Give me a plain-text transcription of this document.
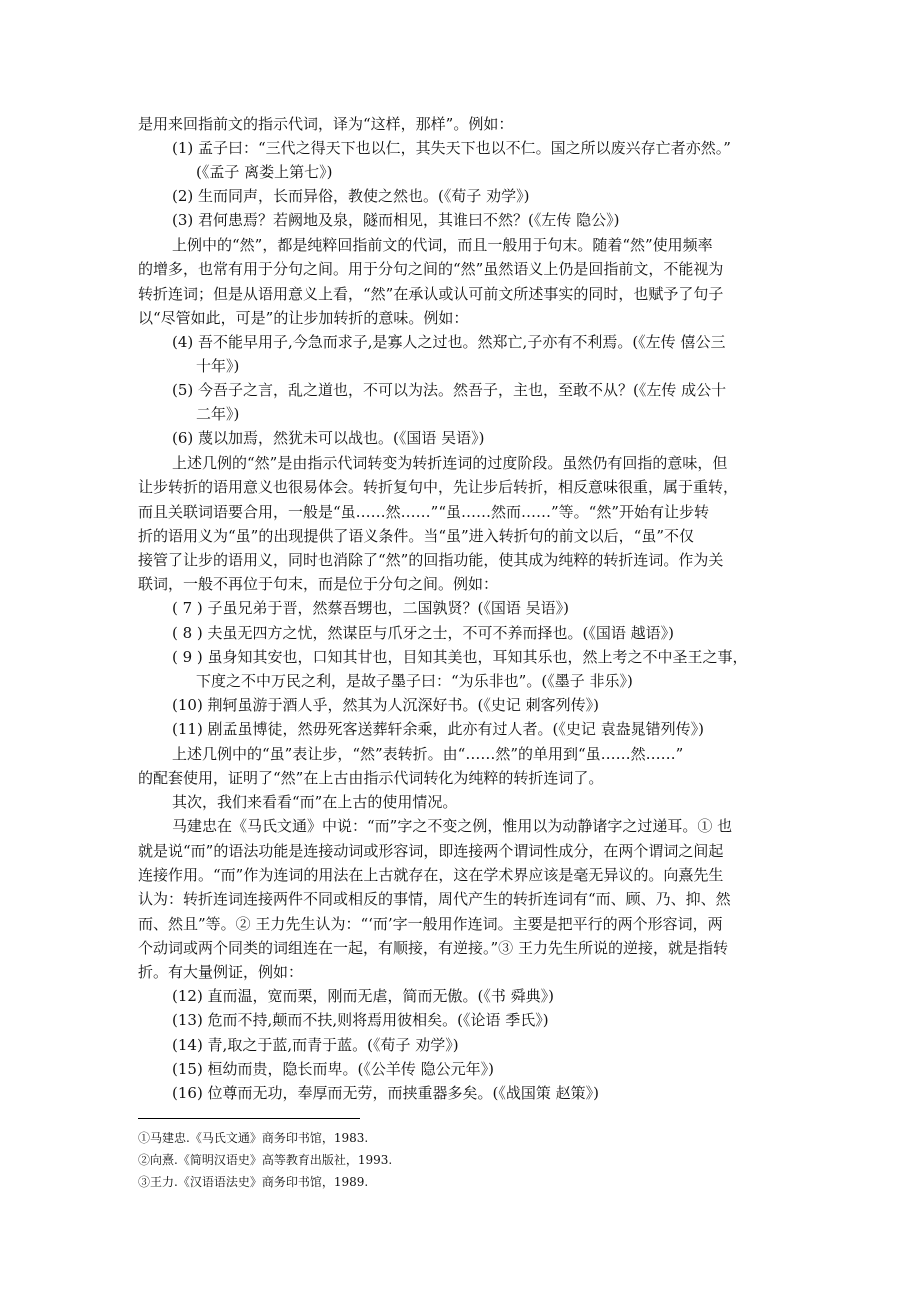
是用来回指前文的指示代词，译为“这样，那样”。例如：
(1) 孟子曰：“三代之得天下也以仁，其失天下也以不仁。国之所以废兴存亡者亦然。”
(《孟子 离娄上第七》)
(2) 生而同声，长而异俗，教使之然也。(《荀子 劝学》)
(3) 君何患焉？若阙地及泉，隧而相见，其谁曰不然？(《左传 隐公》)
上例中的“然”，都是纯粹回指前文的代词，而且一般用于句末。随着“然”使用频率
的增多，也常有用于分句之间。用于分句之间的“然”虽然语义上仍是回指前文，不能视为
转折连词；但是从语用意义上看，“然”在承认或认可前文所述事实的同时，也赋予了句子
以“尽管如此，可是”的让步加转折的意味。例如：
(4) 吾不能早用子,今急而求子,是寡人之过也。然郑亡,子亦有不利焉。(《左传 僖公三
十年》)
(5) 今吾子之言，乱之道也，不可以为法。然吾子，主也，至敢不从？(《左传 成公十
二年》)
(6) 蔑以加焉，然犹未可以战也。(《国语 吴语》)
上述几例的“然”是由指示代词转变为转折连词的过度阶段。虽然仍有回指的意味，但
让步转折的语用意义也很易体会。转折复句中，先让步后转折，相反意味很重，属于重转，
而且关联词语要合用，一般是“虽……然……”“虽……然而……”等。“然”开始有让步转
折的语用义为“虽”的出现提供了语义条件。当“虽”进入转折句的前文以后，“虽”不仅
接管了让步的语用义，同时也消除了“然”的回指功能，使其成为纯粹的转折连词。作为关
联词，一般不再位于句末，而是位于分句之间。例如：
( 7 ) 子虽兄弟于晋，然蔡吾甥也，二国孰贤？(《国语 吴语》)
( 8 ) 夫虽无四方之忧，然谋臣与爪牙之士，不可不养而择也。(《国语 越语》)
( 9 ) 虽身知其安也，口知其甘也，目知其美也，耳知其乐也，然上考之不中圣王之事，
下度之不中万民之利，是故子墨子曰：“为乐非也”。(《墨子 非乐》)
(10) 荆轲虽游于酒人乎，然其为人沉深好书。(《史记 刺客列传》)
(11) 剧孟虽博徒，然毋死客送葬轩余乘，此亦有过人者。(《史记 袁盎晁错列传》)
上述几例中的“虽”表让步，“然”表转折。由“……然”的单用到“虽……然……”
的配套使用，证明了“然”在上古由指示代词转化为纯粹的转折连词了。
其次，我们来看看“而”在上古的使用情况。
马建忠在《马氏文通》中说：“而”字之不变之例，惟用以为动静诸字之过递耳。① 也
就是说“而”的语法功能是连接动词或形容词，即连接两个谓词性成分，在两个谓词之间起
连接作用。“而”作为连词的用法在上古就存在，这在学术界应该是毫无异议的。向熹先生
认为：转折连词连接两件不同或相反的事情，周代产生的转折连词有“而、顾、乃、抑、然
而、然且”等。② 王力先生认为：“‘而’字一般用作连词。主要是把平行的两个形容词，两
个动词或两个同类的词组连在一起，有顺接，有逆接。”③ 王力先生所说的逆接，就是指转
折。有大量例证，例如：
(12) 直而温，宽而栗，刚而无虐，简而无傲。(《书 舜典》)
(13) 危而不持,颠而不扶,则将焉用彼相矣。(《论语 季氏》)
(14) 青,取之于蓝,而青于蓝。(《荀子 劝学》)
(15) 桓幼而贵，隐长而卑。(《公羊传 隐公元年》)
(16) 位尊而无功，奉厚而无劳，而挟重器多矣。(《战国策 赵策》)
①马建忠.《马氏文通》商务印书馆，1983.
②向熹.《简明汉语史》高等教育出版社，1993.
③王力.《汉语语法史》商务印书馆，1989.
